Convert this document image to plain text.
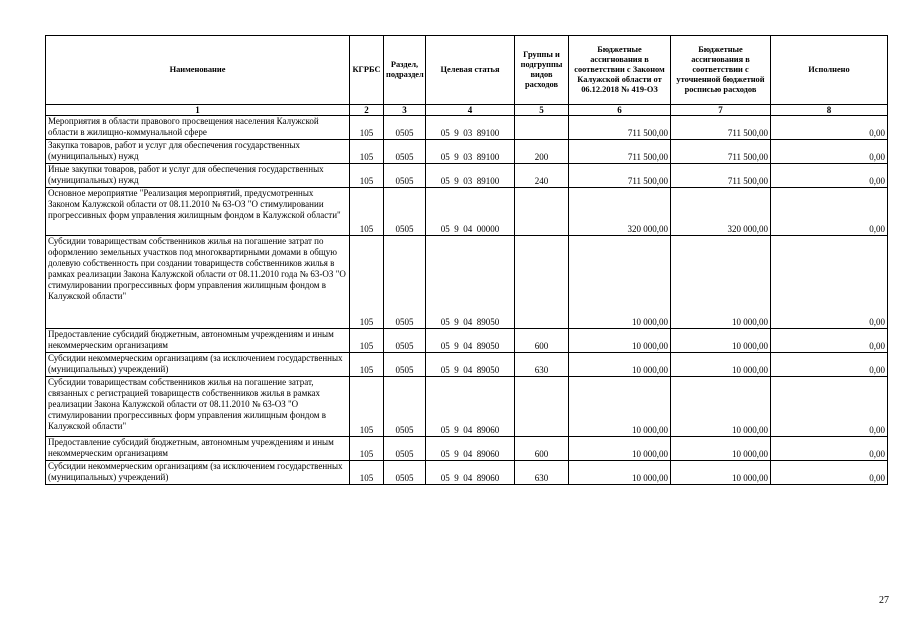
Наименование	КГРБС	Раздел, подраздел	Целевая статья	Группы и подгруппы видов расходов	Бюджетные ассигнования в соответствии с Законом Калужской области от 06.12.2018 № 419-ОЗ	Бюджетные ассигнования в соответствии с уточненной бюджетной росписью расходов	Исполнено
1	2	3	4	5	6	7	8
Мероприятия в области правового просвещения населения Калужской области в жилищно-коммунальной сфере	105	0505	05  9  03  89100		711 500,00	711 500,00	0,00
Закупка товаров, работ и услуг для обеспечения государственных (муниципальных) нужд	105	0505	05  9  03  89100	200	711 500,00	711 500,00	0,00
Иные закупки товаров, работ и услуг для обеспечения государственных (муниципальных) нужд	105	0505	05  9  03  89100	240	711 500,00	711 500,00	0,00
Основное мероприятие "Реализация мероприятий, предусмотренных Законом Калужской области от 08.11.2010 № 63-ОЗ "О стимулировании прогрессивных форм управления жилищным фондом в Калужской области"	105	0505	05  9  04  00000		320 000,00	320 000,00	0,00
Субсидии товариществам собственников жилья на погашение затрат по оформлению земельных участков под многоквартирными домами в общую долевую собственность при создании товариществ собственников жилья в рамках реализации Закона Калужской области от 08.11.2010 года № 63-ОЗ "О стимулировании прогрессивных форм управления жилищным фондом в Калужской области"	105	0505	05  9  04  89050		10 000,00	10 000,00	0,00
Предоставление субсидий бюджетным, автономным учреждениям и иным некоммерческим организациям	105	0505	05  9  04  89050	600	10 000,00	10 000,00	0,00
Субсидии некоммерческим организациям (за исключением государственных (муниципальных) учреждений)	105	0505	05  9  04  89050	630	10 000,00	10 000,00	0,00
Субсидии товариществам собственников жилья на погашение затрат, связанных с регистрацией товариществ собственников жилья в рамках реализации Закона Калужской области от 08.11.2010 № 63-ОЗ "О стимулировании прогрессивных форм управления жилищным фондом в Калужской области"	105	0505	05  9  04  89060		10 000,00	10 000,00	0,00
Предоставление субсидий бюджетным, автономным учреждениям и иным некоммерческим организациям	105	0505	05  9  04  89060	600	10 000,00	10 000,00	0,00
Субсидии некоммерческим организациям (за исключением государственных (муниципальных) учреждений)	105	0505	05  9  04  89060	630	10 000,00	10 000,00	0,00
27
